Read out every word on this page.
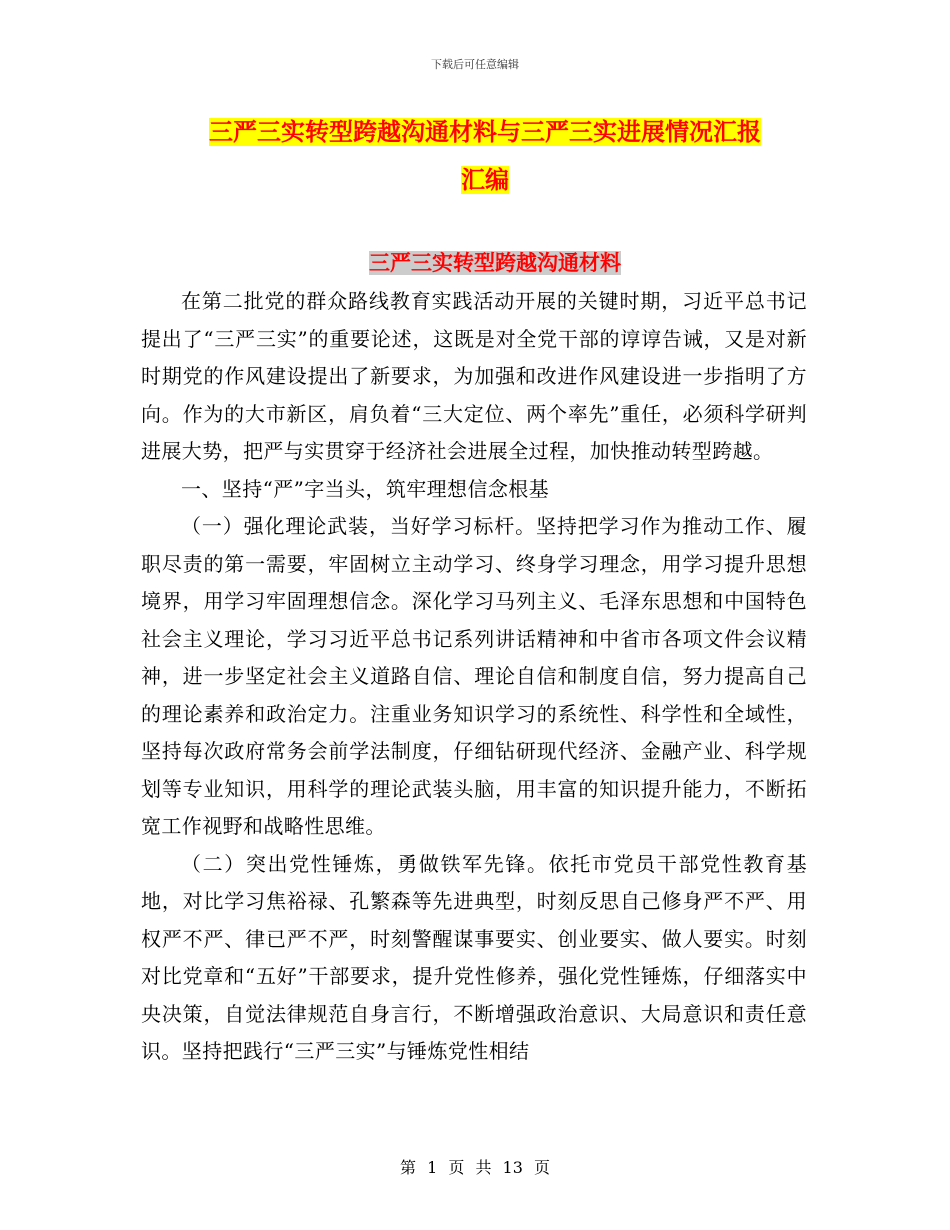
下载后可任意编辑
三严三实转型跨越沟通材料与三严三实进展情况汇报
汇编
三严三实转型跨越沟通材料

在第二批党的群众路线教育实践活动开展的关键时期，习近平总书记提出了“三严三实”的重要论述，这既是对全党干部的谆谆告诫，又是对新时期党的作风建设提出了新要求，为加强和改进作风建设进一步指明了方向。作为的大市新区，肩负着“三大定位、两个率先”重任，必须科学研判进展大势，把严与实贯穿于经济社会进展全过程，加快推动转型跨越。

一、坚持“严”字当头，筑牢理想信念根基

（一）强化理论武装，当好学习标杆。坚持把学习作为推动工作、履职尽责的第一需要，牢固树立主动学习、终身学习理念，用学习提升思想境界，用学习牢固理想信念。深化学习马列主义、毛泽东思想和中国特色社会主义理论，学习习近平总书记系列讲话精神和中省市各项文件会议精神，进一步坚定社会主义道路自信、理论自信和制度自信，努力提高自己的理论素养和政治定力。注重业务知识学习的系统性、科学性和全域性，坚持每次政府常务会前学法制度，仔细钻研现代经济、金融产业、科学规划等专业知识，用科学的理论武装头脑，用丰富的知识提升能力，不断拓宽工作视野和战略性思维。

（二）突出党性锤炼，勇做铁军先锋。依托市党员干部党性教育基地，对比学习焦裕禄、孔繁森等先进典型，时刻反思自己修身严不严、用权严不严、律已严不严，时刻警醒谋事要实、创业要实、做人要实。时刻对比党章和“五好”干部要求，提升党性修养，强化党性锤炼，仔细落实中央决策，自觉法律规范自身言行，不断增强政治意识、大局意识和责任意识。坚持把践行“三严三实”与锤炼党性相结

第 1 页 共 13 页
